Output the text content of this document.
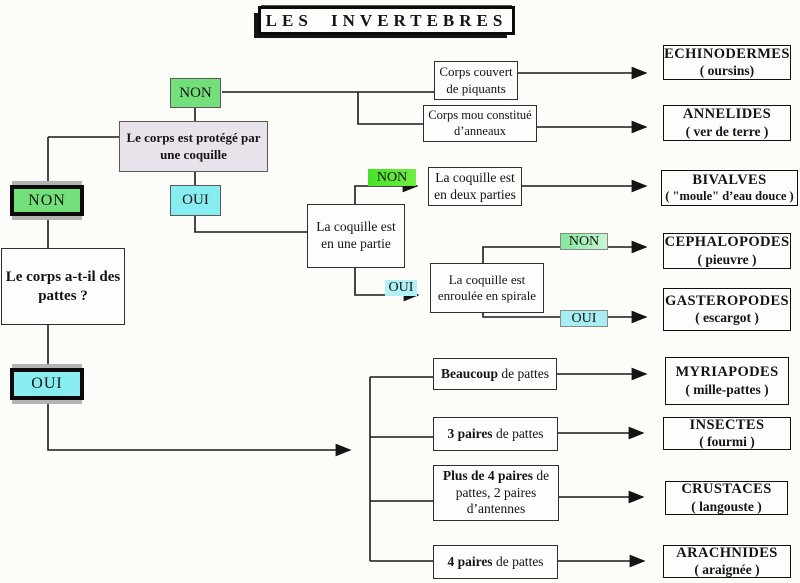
LES INVERTEBRES
NON
Le corps a-t-il des pattes ?
OUI
NON
Le corps est protégé par une coquille
OUI
Corps couvert de piquants
Corps mou constitué d’anneaux
La coquille est en une partie
NON	La coquille est en deux parties
OUI
La coquille est enroulée en spirale
NON
OUI
Beaucoup de pattes
3 paires de pattes
Plus de 4 paires de pattes, 2 paires d’antennes
4 paires de pattes
ECHINODERMES
( oursins)
ANNELIDES
( ver de terre )
BIVALVES
( "moule" d’eau douce )
CEPHALOPODES
( pieuvre )
GASTEROPODES
( escargot )
MYRIAPODES
( mille-pattes )
INSECTES
( fourmi )
CRUSTACES
( langouste )
ARACHNIDES
( araignée )
